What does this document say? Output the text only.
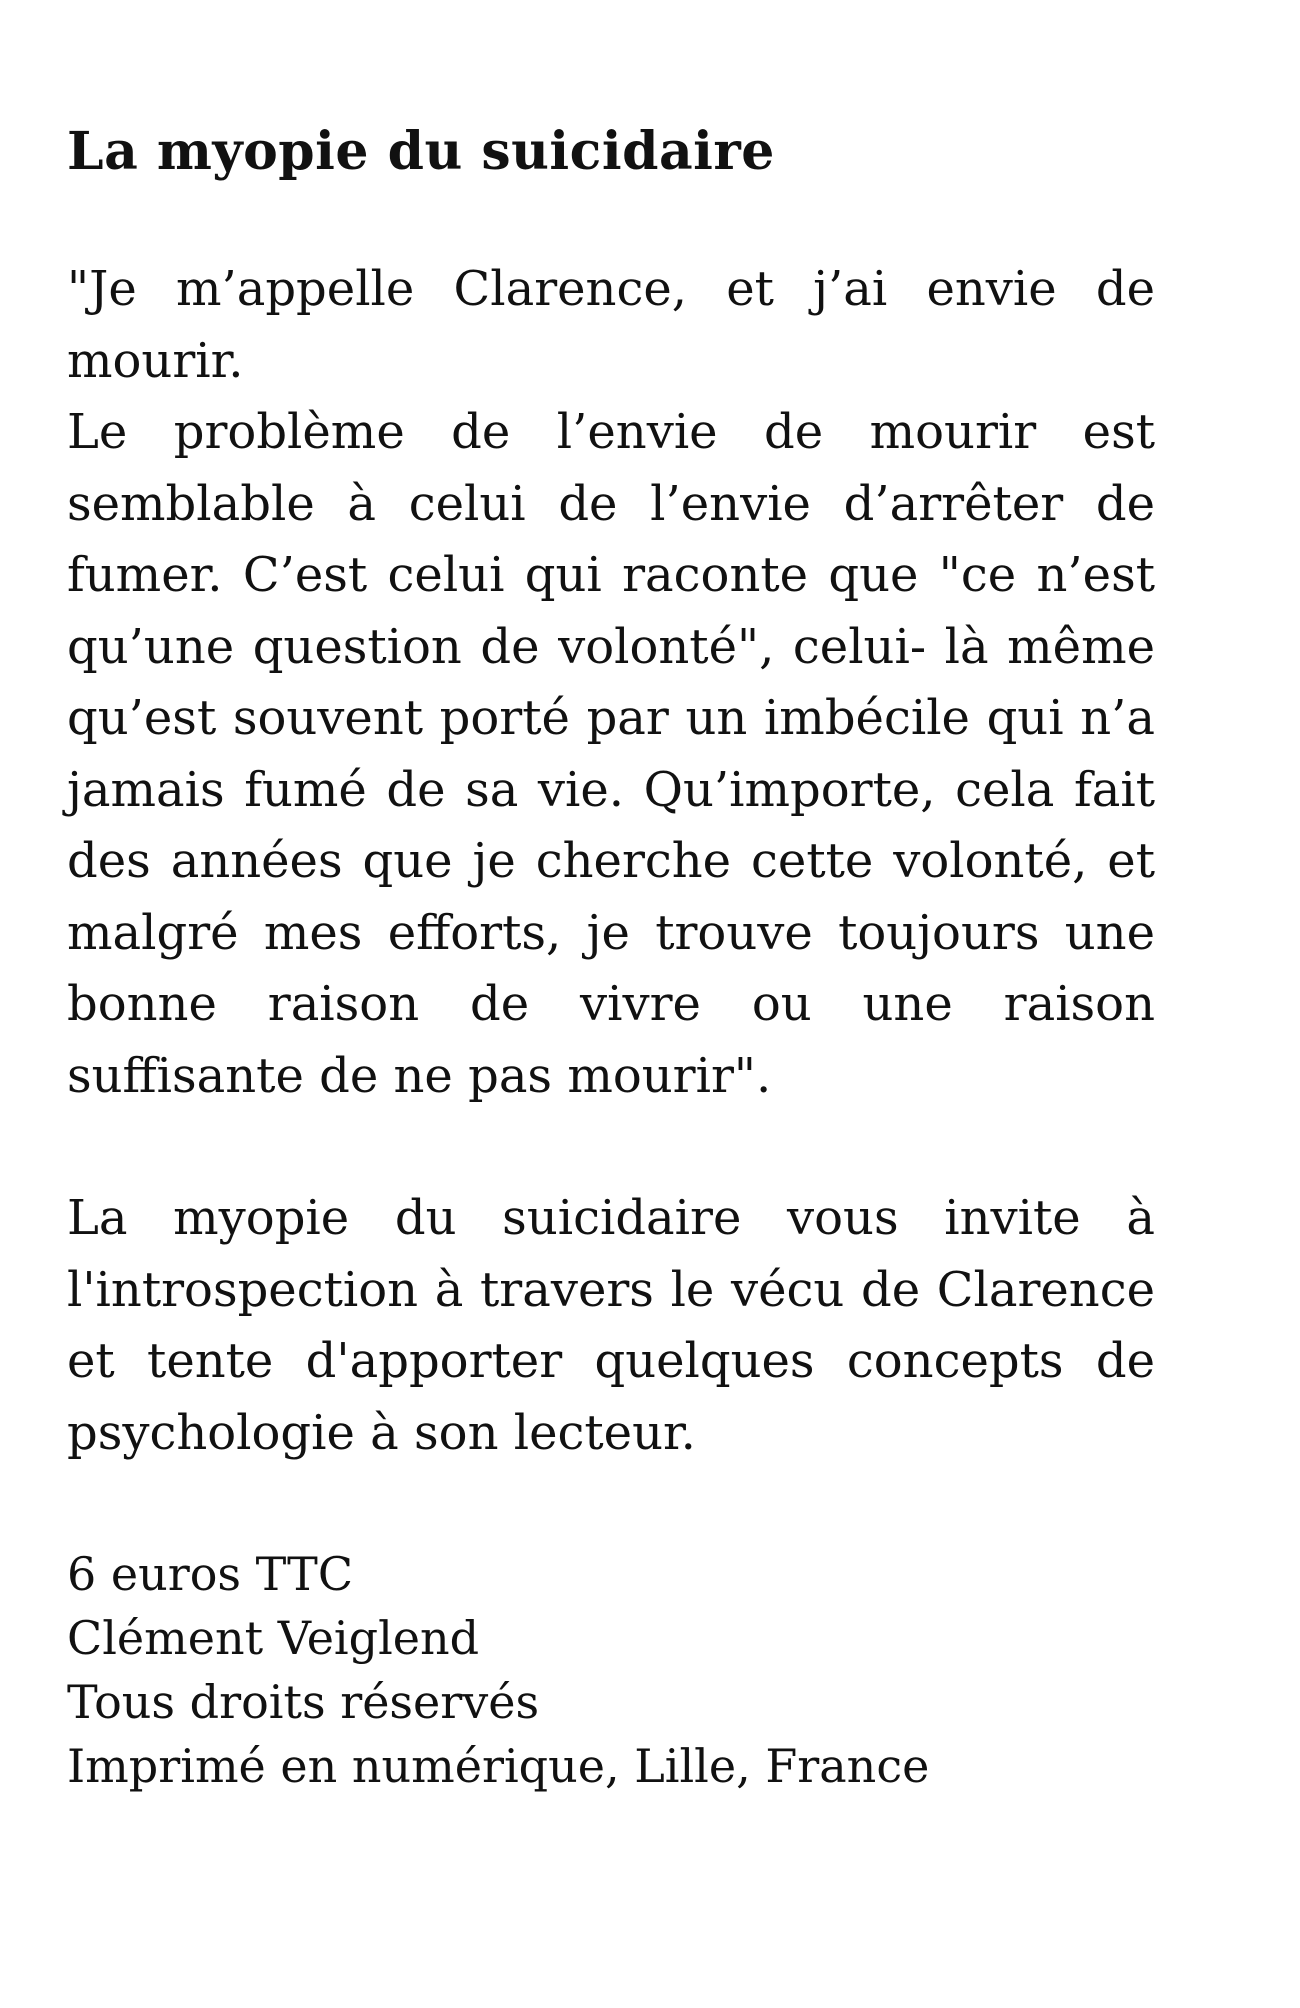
La myopie du suicidaire
"Je m’appelle Clarence, et j’ai envie de mourir.
Le problème de l’envie de mourir est semblable à celui de l’envie d’arrêter de fumer. C’est celui qui raconte que "ce n’est qu’une question de volonté", celui- là même qu’est souvent porté par un imbécile qui n’a jamais fumé de sa vie. Qu’importe, cela fait des années que je cherche cette volonté, et malgré mes efforts, je trouve toujours une bonne raison de vivre ou une raison suffisante de ne pas mourir".

La myopie du suicidaire vous invite à l'introspection à travers le vécu de Clarence et tente d'apporter quelques concepts de psychologie à son lecteur.

6 euros TTC
Clément Veiglend
Tous droits réservés
Imprimé en numérique, Lille, France
